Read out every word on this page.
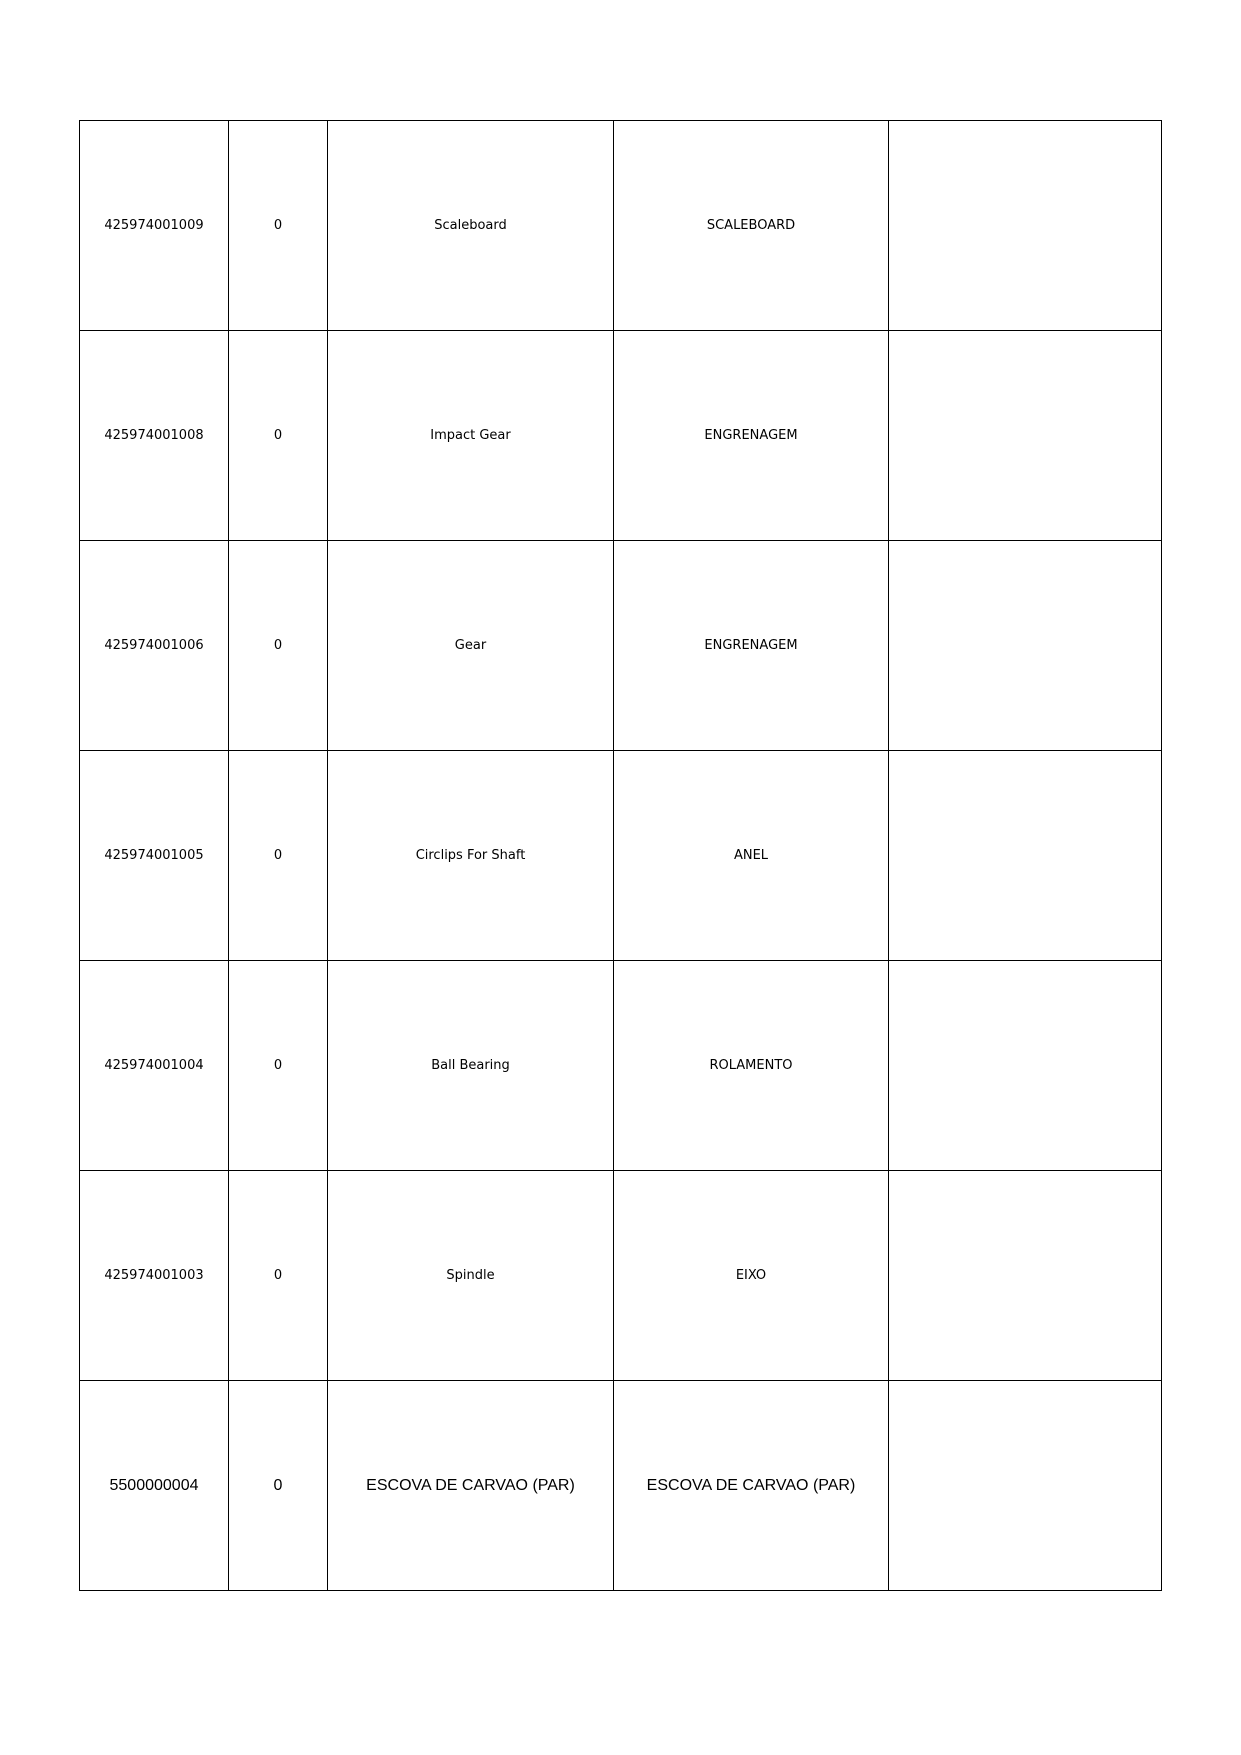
425974001009	0	Scaleboard	SCALEBOARD	
425974001008	0	Impact Gear	ENGRENAGEM	
425974001006	0	Gear	ENGRENAGEM	
425974001005	0	Circlips For Shaft	ANEL	
425974001004	0	Ball Bearing	ROLAMENTO	
425974001003	0	Spindle	EIXO	
5500000004	0	ESCOVA DE CARVAO (PAR)	ESCOVA DE CARVAO (PAR)	
